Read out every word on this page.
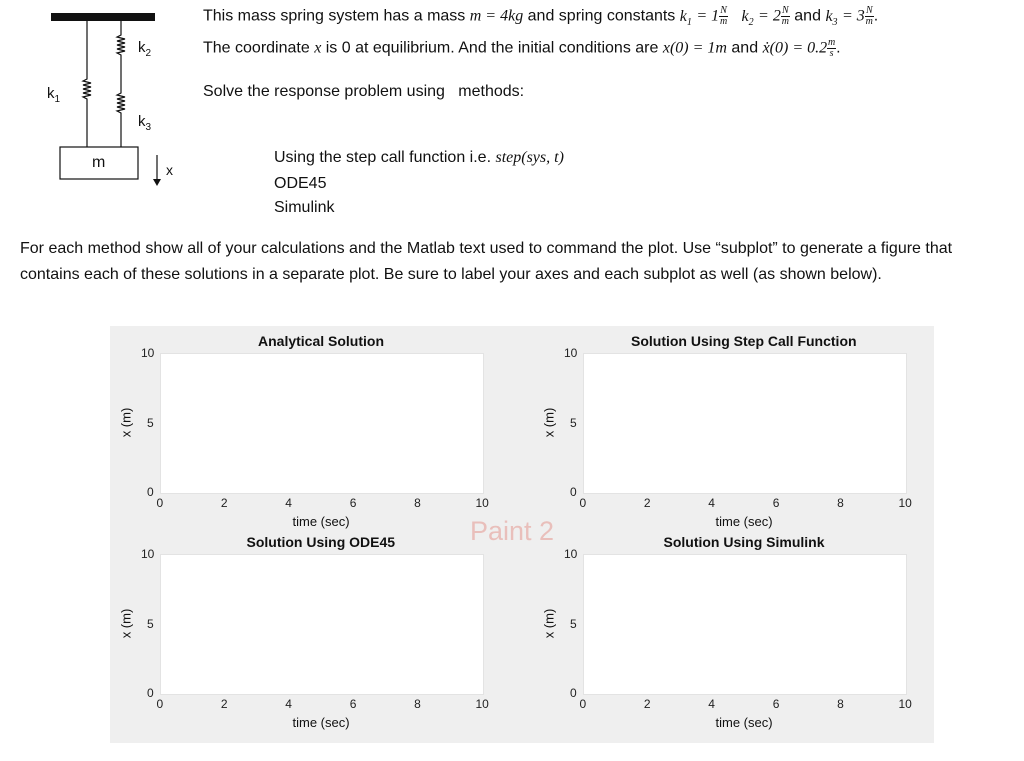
$k_1$
$k_2$
$k_3$
m	x
This mass spring system has a mass m = 4kg and spring constants $k_1 = 1\frac{N}{m} k_2 = 2\frac{N}{m}$ and $k_3 = 3\frac{N}{m}$.
The coordinate x is 0 at equilibrium. And the initial conditions are x(0) = 1m and ẋ(0) = $0.2\frac{m}{s}$.
Solve the response problem using methods:
Using the step call function i.e. step(sys, t)
ODE45
Simulink
For each method show all of your calculations and the Matlab text used to command the plot. Use “subplot” to generate a figure that contains each of these solutions in a separate plot. Be sure to label your axes and each subplot as well (as shown below).
Analytical Solution
0	2	4	6	8	10
0
5
10
time (sec)
x (m)
Solution Using Step Call Function
0	2	4	6	8	10
0
5
10
time (sec)
x (m)
Solution Using ODE45
0	2	4	6	8	10
0
5
10
time (sec)
x (m)
Solution Using Simulink
0	2	4	6	8	10
0
5
10
time (sec)
x (m)
Paint 2
